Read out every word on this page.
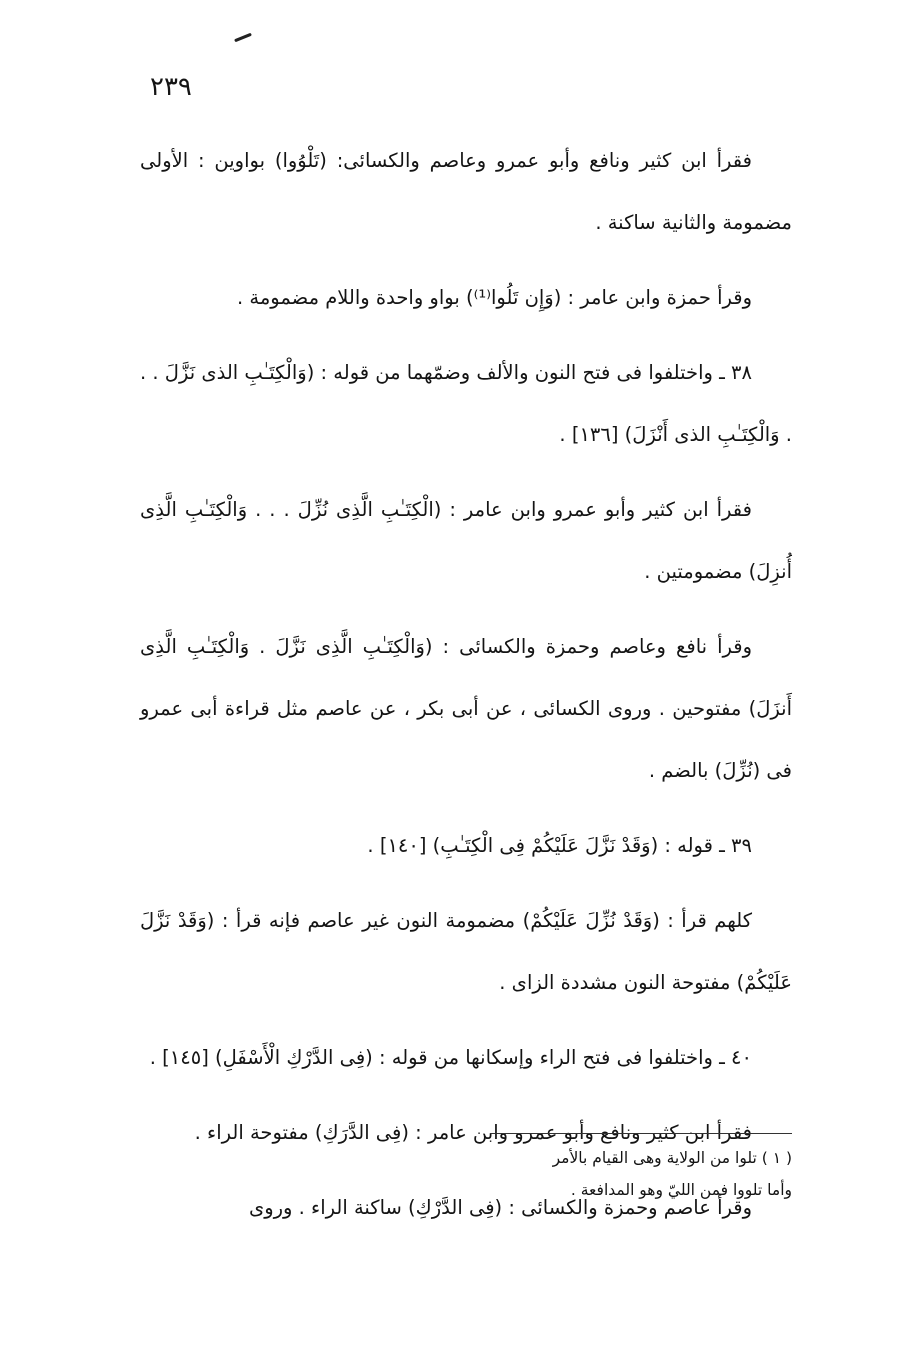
٢٣٩

فقرأ ابن كثير ونافع وأبو عمرو وعاصم والكسائى: (تَلْوُوا) بواوين : الأولى مضمومة والثانية ساكنة .

وقرأ حمزة وابن عامر : (وَإِن تَلُوا⁽¹⁾) بواو واحدة واللام مضمومة .

٣٨ ـ واختلفوا فى فتح النون والألف وضمّهما من قوله : (وَالْكِتَـٰبِ الذى نَزَّلَ . . . وَالْكِتَـٰبِ الذى أَنْزَلَ) [١٣٦] .

فقرأ ابن كثير وأبو عمرو وابن عامر : (الْكِتَـٰبِ الَّذِى نُزِّلَ . . . وَالْكِتَـٰبِ الَّذِى أُنزِلَ) مضمومتين .

وقرأ نافع وعاصم وحمزة والكسائى : (وَالْكِتَـٰبِ الَّذِى نَزَّلَ . وَالْكِتَـٰبِ الَّذِى أَنزَلَ) مفتوحين . وروى الكسائى ، عن أبى بكر ، عن عاصم مثل قراءة أبى عمرو فى (نُزِّلَ) بالضم .

٣٩ ـ قوله : (وَقَدْ نَزَّلَ عَلَيْكُمْ فِى الْكِتَـٰبِ) [١٤٠] .

كلهم قرأ : (وَقَدْ نُزِّلَ عَلَيْكُمْ) مضمومة النون غير عاصم فإنه قرأ : (وَقَدْ نَزَّلَ عَلَيْكُمْ) مفتوحة النون مشددة الزاى .

٤٠ ـ واختلفوا فى فتح الراء وإسكانها من قوله : (فِى الدَّرْكِ الْأَسْفَلِ) [١٤٥] .

فقرأ ابن كثير ونافع وأبو عمرو وابن عامر : (فِى الدَّرَكِ) مفتوحة الراء .

وقرأ عاصم وحمزة والكسائى : (فِى الدَّرْكِ) ساكنة الراء . وروى

( ١ ) تلوا من الولاية وهى القيام بالأمر

وأما تلووا فمن الليّ وهو المدافعة .
